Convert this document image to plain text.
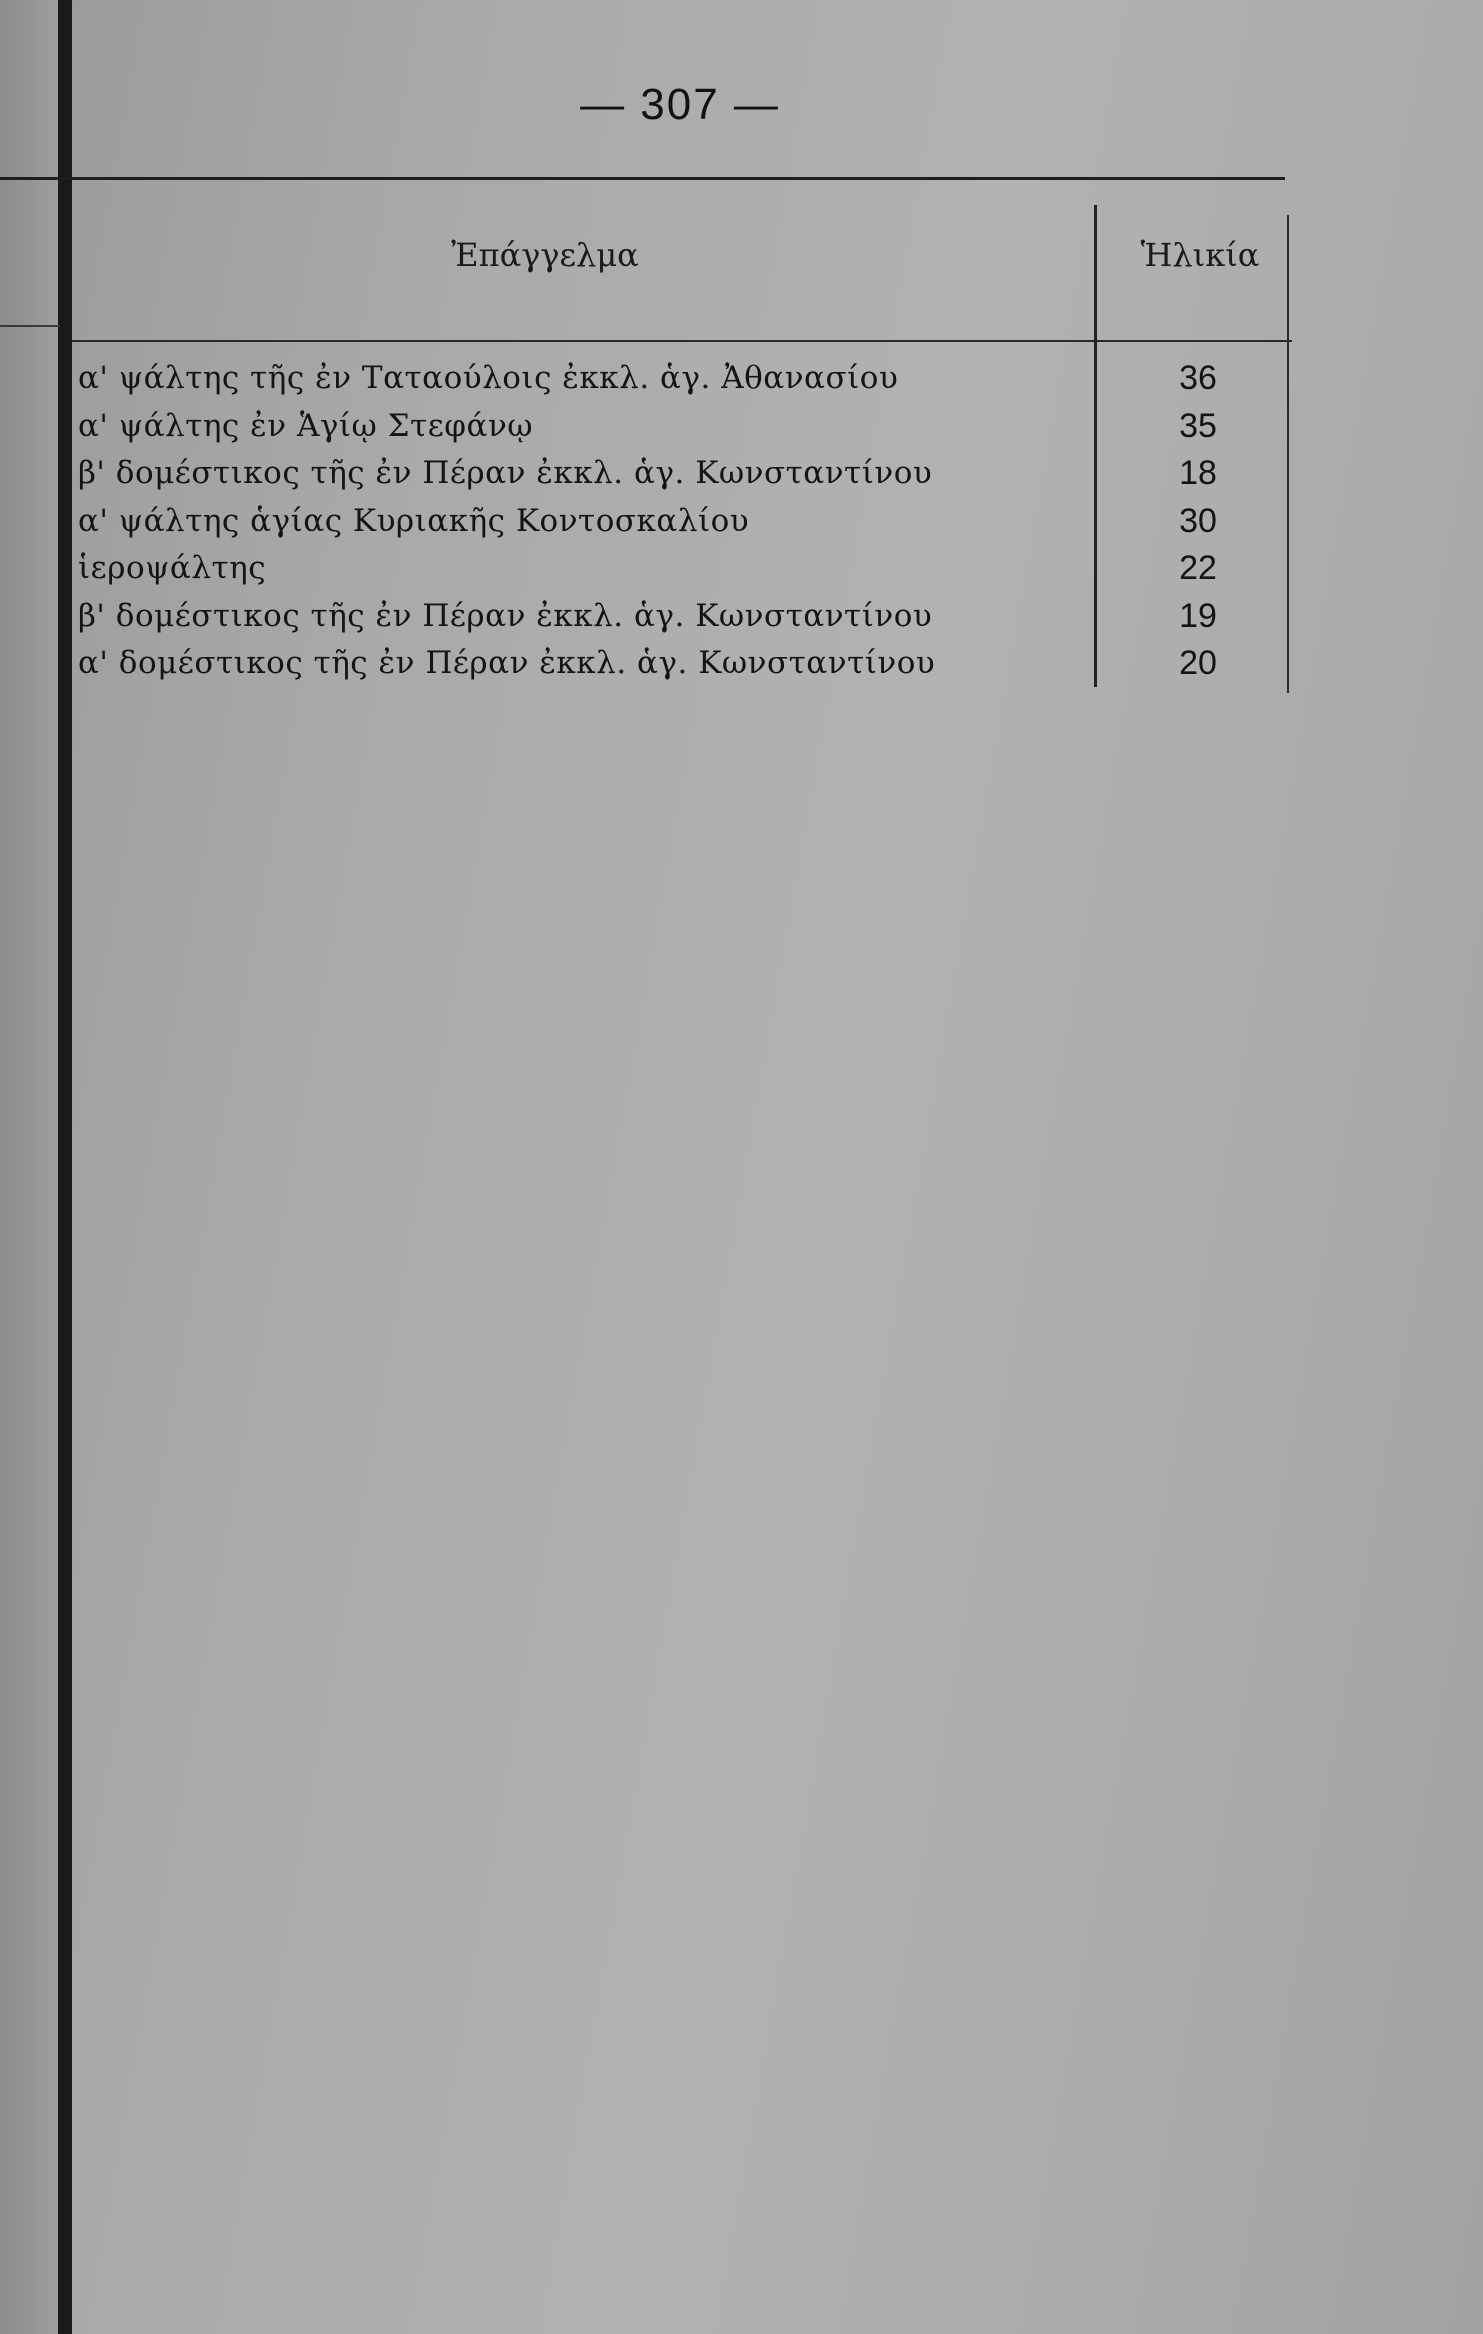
— 307 —
Ἐπάγγελμα	Ἡλικία
α' ψάλτης τῆς ἐν Ταταούλοις ἐκκλ. ἁγ. Ἀθανασίου	36
α' ψάλτης ἐν Ἁγίῳ Στεφάνῳ	35
β' δομέστικος τῆς ἐν Πέραν ἐκκλ. ἁγ. Κωνσταντίνου	18
α' ψάλτης ἁγίας Κυριακῆς Κοντοσκαλίου	30
ἱεροψάλτης	22
β' δομέστικος τῆς ἐν Πέραν ἐκκλ. ἁγ. Κωνσταντίνου	19
α' δομέστικος τῆς ἐν Πέραν ἐκκλ. ἁγ. Κωνσταντίνου	20
